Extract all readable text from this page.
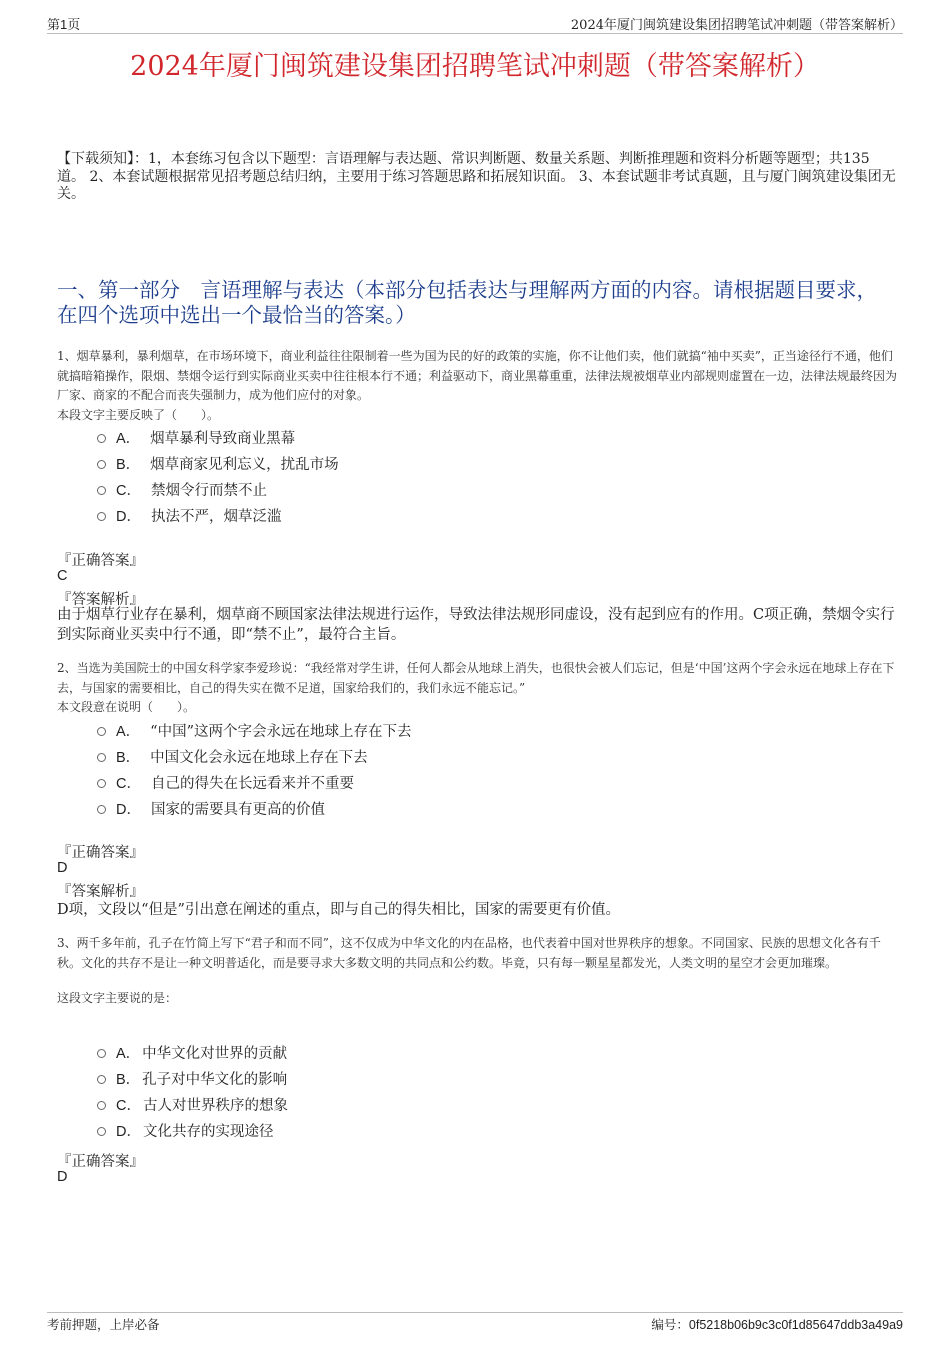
第1页	2024年厦门闽筑建设集团招聘笔试冲刺题（带答案解析）
2024年厦门闽筑建设集团招聘笔试冲刺题（带答案解析）
【下载须知】：1，本套练习包含以下题型：言语理解与表达题、常识判断题、数量关系题、判断推理题和资料分析题等题型；共135道。 2、本套试题根据常见招考题总结归纳，主要用于练习答题思路和拓展知识面。 3、本套试题非考试真题，且与厦门闽筑建设集团无关。
一、第一部分　言语理解与表达（本部分包括表达与理解两方面的内容。请根据题目要求，在四个选项中选出一个最恰当的答案。）
1、烟草暴利，暴利烟草，在市场环境下，商业利益往往限制着一些为国为民的好的政策的实施，你不让他们卖，他们就搞“袖中买卖”，正当途径行不通，他们就搞暗箱操作，限烟、禁烟令运行到实际商业买卖中往往根本行不通；利益驱动下，商业黑幕重重，法律法规被烟草业内部规则虚置在一边，法律法规最终因为厂家、商家的不配合而丧失强制力，成为他们应付的对象。
本段文字主要反映了（　　）。
A． 烟草暴利导致商业黑幕
B． 烟草商家见利忘义，扰乱市场
C． 禁烟令行而禁不止
D． 执法不严，烟草泛滥
『正确答案』
C
『答案解析』
由于烟草行业存在暴利，烟草商不顾国家法律法规进行运作，导致法律法规形同虚设，没有起到应有的作用。C项正确，禁烟令实行到实际商业买卖中行不通，即“禁不止”，最符合主旨。
2、当选为美国院士的中国女科学家李爱珍说：“我经常对学生讲，任何人都会从地球上消失，也很快会被人们忘记，但是‘中国’这两个字会永远在地球上存在下去，与国家的需要相比，自己的得失实在微不足道，国家给我们的，我们永远不能忘记。”
本文段意在说明（　　）。
A． “中国”这两个字会永远在地球上存在下去
B． 中国文化会永远在地球上存在下去
C． 自己的得失在长远看来并不重要
D． 国家的需要具有更高的价值
『正确答案』
D
『答案解析』
D项，文段以“但是”引出意在阐述的重点，即与自己的得失相比，国家的需要更有价值。
3、两千多年前，孔子在竹简上写下“君子和而不同”，这不仅成为中华文化的内在品格，也代表着中国对世界秩序的想象。不同国家、民族的思想文化各有千秋。文化的共存不是让一种文明普适化，而是要寻求大多数文明的共同点和公约数。毕竟，只有每一颗星星都发光，人类文明的星空才会更加璀璨。
这段文字主要说的是：
A． 中华文化对世界的贡献
B． 孔子对中华文化的影响
C． 古人对世界秩序的想象
D． 文化共存的实现途径
『正确答案』
D
考前押题，上岸必备	编号：0f5218b06b9c3c0f1d85647ddb3a49a9
